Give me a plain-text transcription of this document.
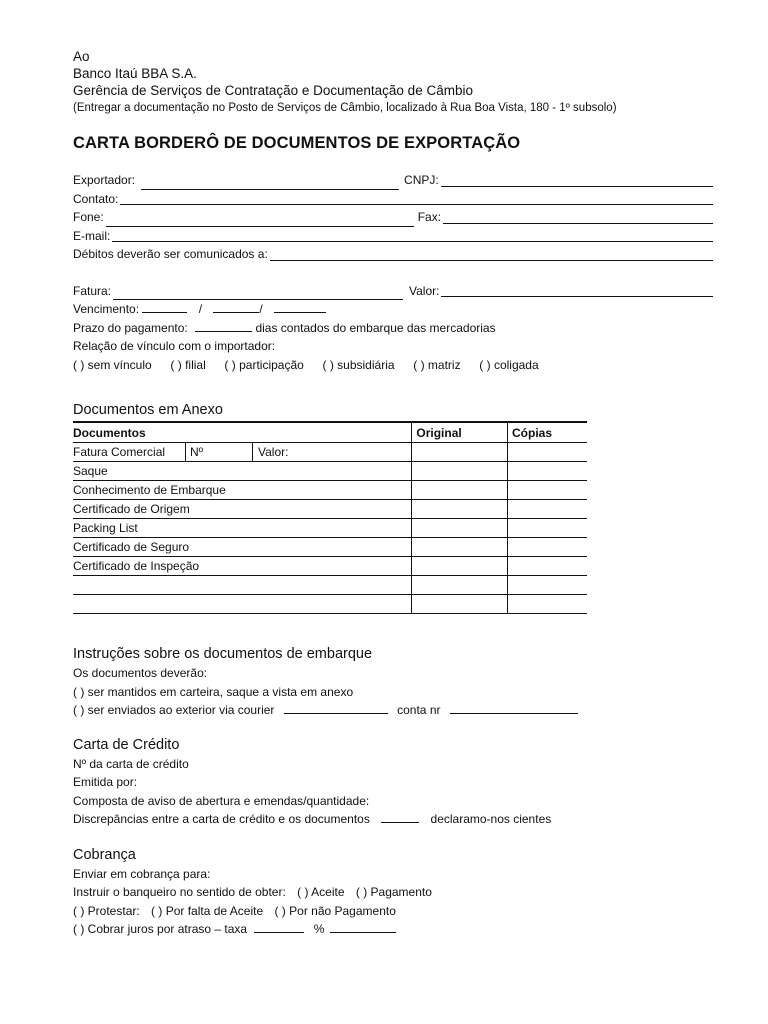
Ao
Banco Itaú BBA S.A.
Gerência de Serviços de Contratação e Documentação de Câmbio
(Entregar a documentação no Posto de Serviços de Câmbio, localizado à Rua Boa Vista, 180 - 1º subsolo)
CARTA BORDERÔ DE DOCUMENTOS DE EXPORTAÇÃO
Exportador:	CNPJ:
Contato:
Fone:	Fax:
E-mail:
Débitos deverão ser comunicados a:
Fatura:	Valor:
Vencimento:	/	/
Prazo do pagamento:	dias contados do embarque das mercadorias
Relação de vínculo com o importador:
( ) sem vínculo ( ) filial ( ) participação ( ) subsidiária ( ) matriz ( ) coligada
Documentos em Anexo
Documentos	Original	Cópias

Fatura Comercial Nº Valor:		

Saque		
Conhecimento de Embarque		
Certificado de Origem		
Packing List		
Certificado de Seguro		
Certificado de Inspeção		

Instruções sobre os documentos de embarque
Os documentos deverão:
( ) ser mantidos em carteira, saque a vista em anexo
( ) ser enviados ao exterior via courier	conta nr
Carta de Crédito
Nº da carta de crédito
Emitida por:
Composta de aviso de abertura e emendas/quantidade:
Discrepâncias entre a carta de crédito e os documentos	declaramo-nos cientes
Cobrança
Enviar em cobrança para:
Instruir o banqueiro no sentido de obter: ( ) Aceite ( ) Pagamento
( ) Protestar: ( ) Por falta de Aceite ( ) Por não Pagamento
( ) Cobrar juros por atraso – taxa	%
